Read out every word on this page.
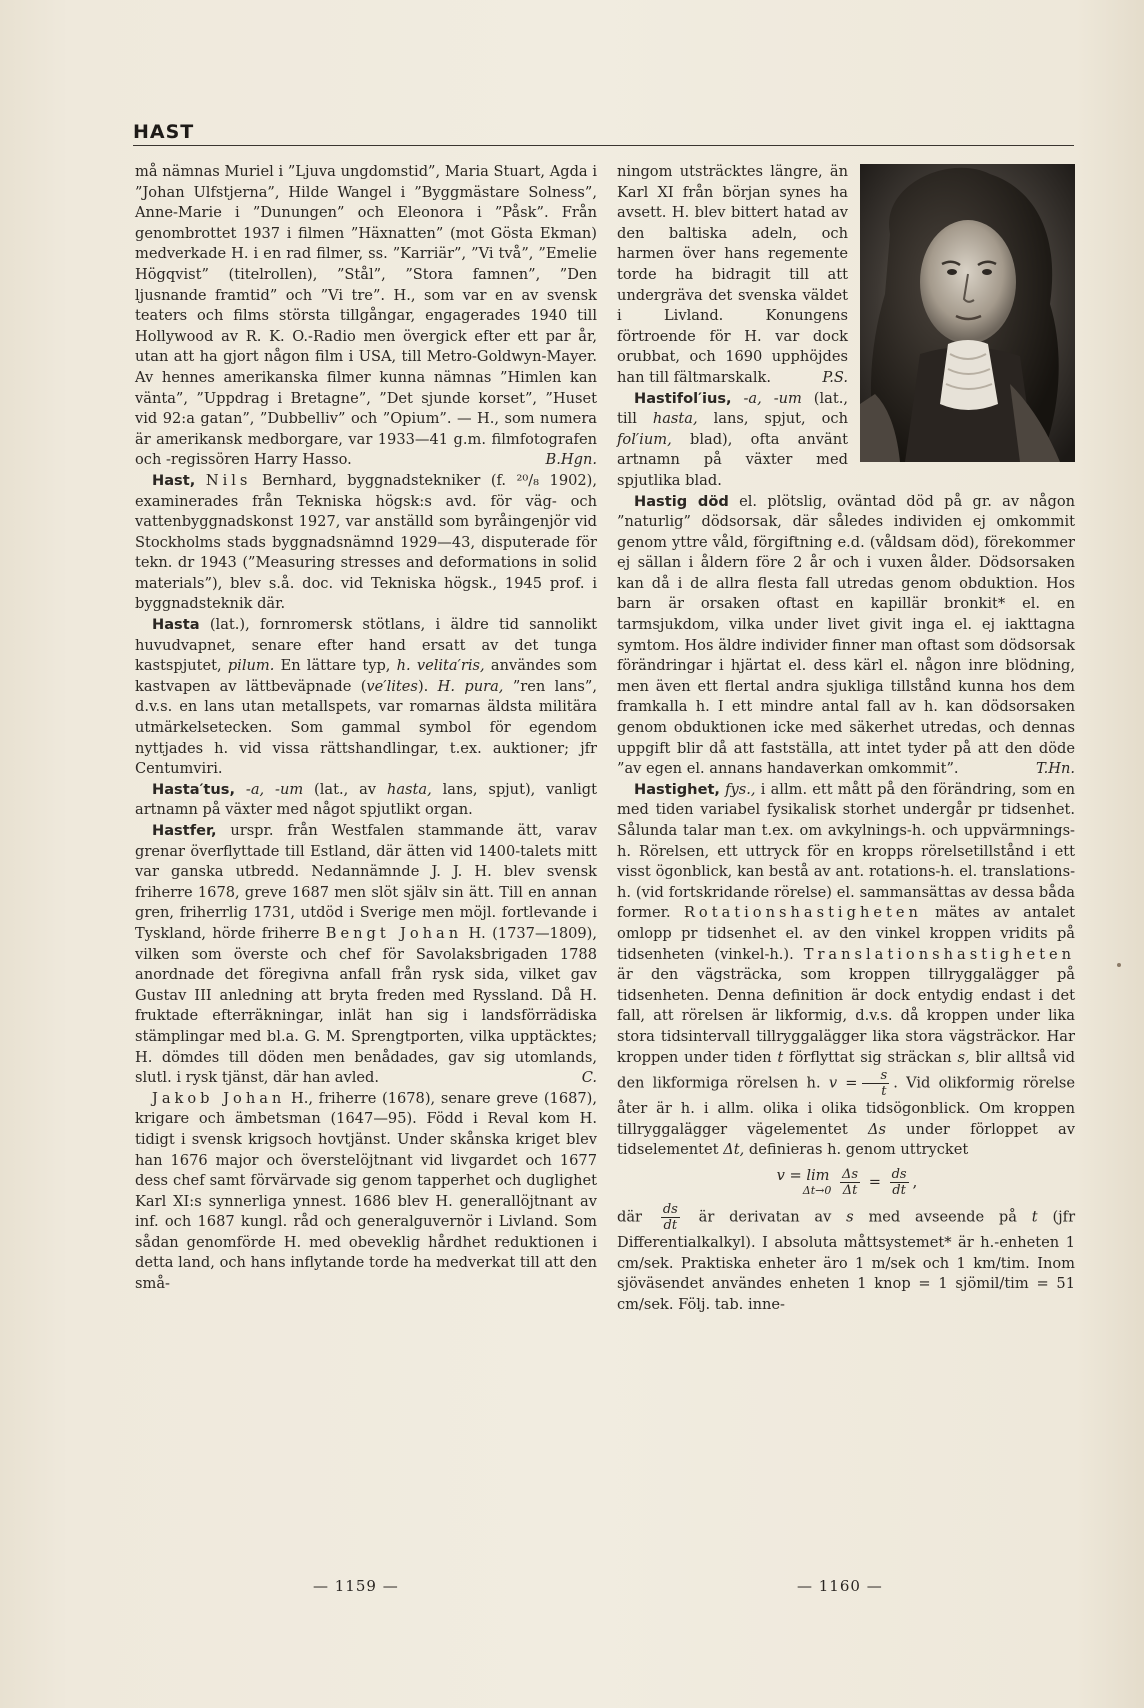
HAST

må nämnas Muriel i ”Ljuva ungdomstid”, Maria Stuart, Agda i ”Johan Ulfstjerna”, Hilde Wangel i ”Byggmästare Solness”, Anne-Marie i ”Dunungen” och Eleonora i ”Påsk”. Från genombrottet 1937 i filmen ”Häxnatten” (mot Gösta Ekman) medverkade H. i en rad filmer, ss. ”Karriär”, ”Vi två”, ”Emelie Högqvist” (titelrollen), ”Stål”, ”Stora famnen”, ”Den ljusnande framtid” och ”Vi tre”. H., som var en av svensk teaters och films största tillgångar, engagerades 1940 till Hollywood av R. K. O.-Radio men övergick efter ett par år, utan att ha gjort någon film i USA, till Metro-Goldwyn-Mayer. Av hennes amerikanska filmer kunna nämnas ”Himlen kan vänta”, ”Uppdrag i Bretagne”, ”Det sjunde korset”, ”Huset vid 92:a gatan”, ”Dubbelliv” och ”Opium”. — H., som numera är amerikansk medborgare, var 1933—41 g.m. filmfotografen och -regissören Harry Hasso.	B.Hgn.

Hast, Nils Bernhard, byggnadstekniker (f. ²⁰/₈ 1902), examinerades från Tekniska högsk:s avd. för väg- och vattenbyggnadskonst 1927, var anställd som byråingenjör vid Stockholms stads byggnadsnämnd 1929—43, disputerade för tekn. dr 1943 (”Measuring stresses and deformations in solid materials”), blev s.å. doc. vid Tekniska högsk., 1945 prof. i byggnadsteknik där.

Hasta (lat.), fornromersk stötlans, i äldre tid sannolikt huvudvapnet, senare efter hand ersatt av det tunga kastspjutet, pilum. En lättare typ, h. velita′ris, användes som kastvapen av lättbeväpnade (ve′lites). H. pura, ”ren lans”, d.v.s. en lans utan metallspets, var romarnas äldsta militära utmärkelsetecken. Som gammal symbol för egendom nyttjades h. vid vissa rättshandlingar, t.ex. auktioner; jfr Centumviri.

Hasta′tus, -a, -um (lat., av hasta, lans, spjut), vanligt artnamn på växter med något spjutlikt organ.

Hastfer, urspr. från Westfalen stammande ätt, varav grenar överflyttade till Estland, där ätten vid 1400-talets mitt var ganska utbredd. Nedannämnde J. J. H. blev svensk friherre 1678, greve 1687 men slöt själv sin ätt. Till en annan gren, friherrlig 1731, utdöd i Sverige men möjl. fortlevande i Tyskland, hörde friherre Bengt Johan H. (1737—1809), vilken som överste och chef för Savolaksbrigaden 1788 anordnade det föregivna anfall från rysk sida, vilket gav Gustav III anledning att bryta freden med Ryssland. Då H. fruktade efterräkningar, inlät han sig i landsförrädiska stämplingar med bl.a. G. M. Sprengtporten, vilka upptäcktes; H. dömdes till döden men benådades, gav sig utomlands, slutl. i rysk tjänst, där han avled.	C.

Jakob Johan H., friherre (1678), senare greve (1687), krigare och ämbetsman (1647—95). Född i Reval kom H. tidigt i svensk krigsoch hovtjänst. Under skånska kriget blev han 1676 major och överstelöjtnant vid livgardet och 1677 dess chef samt förvärvade sig genom tapperhet och duglighet Karl XI:s synnerliga ynnest. 1686 blev H. generallöjtnant av inf. och 1687 kungl. råd och generalguvernör i Livland. Som sådan genomförde H. med obeveklig hårdhet reduktionen i detta land, och hans inflytande torde ha medverkat till att den små-

ningom utsträcktes längre, än Karl XI från början synes ha avsett. H. blev bittert hatad av den baltiska adeln, och harmen över hans regemente torde ha bidragit till att undergräva det svenska väldet i Livland. Konungens förtroende för H. var dock orubbat, och 1690 upphöjdes han till fältmarskalk.	P.S.

Hastifol′ius, -a, -um (lat., till hasta, lans, spjut, och fol′ium, blad), ofta använt artnamn på växter med spjutlika blad.

Hastig död el. plötslig, oväntad död på gr. av någon ”naturlig” dödsorsak, där således individen ej omkommit genom yttre våld, förgiftning e.d. (våldsam död), förekommer ej sällan i åldern före 2 år och i vuxen ålder. Dödsorsaken kan då i de allra flesta fall utredas genom obduktion. Hos barn är orsaken oftast en kapillär bronkit* el. en tarmsjukdom, vilka under livet givit inga el. ej iakttagna symtom. Hos äldre individer finner man oftast som dödsorsak förändringar i hjärtat el. dess kärl el. någon inre blödning, men även ett flertal andra sjukliga tillstånd kunna hos dem framkalla h. I ett mindre antal fall av h. kan dödsorsaken genom obduktionen icke med säkerhet utredas, och dennas uppgift blir då att fastställa, att intet tyder på att den döde ”av egen el. annans handaverkan omkommit”.	T.Hn.

Hastighet, fys., i allm. ett mått på den förändring, som en med tiden variabel fysikalisk storhet undergår pr tidsenhet. Sålunda talar man t.ex. om avkylnings-h. och uppvärmnings-h. Rörelsen, ett uttryck för en kropps rörelsetillstånd i ett visst ögonblick, kan bestå av ant. rotations-h. el. translations-h. (vid fortskridande rörelse) el. sammansättas av dessa båda former. Rotationshastigheten mätes av antalet omlopp pr tidsenhet el. av den vinkel kroppen vridits på tidsenheten (vinkel-h.). Translationshastigheten är den vägsträcka, som kroppen tillryggalägger på tidsenheten. Denna definition är dock entydig endast i det fall, att rörelsen är likformig, d.v.s. då kroppen under lika stora tidsintervall tillryggalägger lika stora vägsträckor. Har kroppen under tiden t förflyttat sig sträckan s, blir alltså vid den likformiga rörelsen h. $v = \frac{s}{t}$ . Vid olikformig rörelse åter är h. i allm. olika i olika tidsögonblick. Om kroppen tillryggalägger vägelementet Δs under förloppet av tidselementet Δt, definieras h. genom uttrycket

v = lim
Δt→0
$\frac{\Delta s}{\Delta t} = \frac{ds}{dt}$ ,

där $\frac{ds}{dt}$ är derivatan av s med avseende på t (jfr Differentialkalkyl). I absoluta måttsystemet* är h.-enheten 1 cm/sek. Praktiska enheter äro 1 m/sek och 1 km/tim. Inom sjöväsendet användes enheten 1 knop = 1 sjömil/tim = 51 cm/sek. Följ. tab. inne-

— 1159 —	— 1160 —
